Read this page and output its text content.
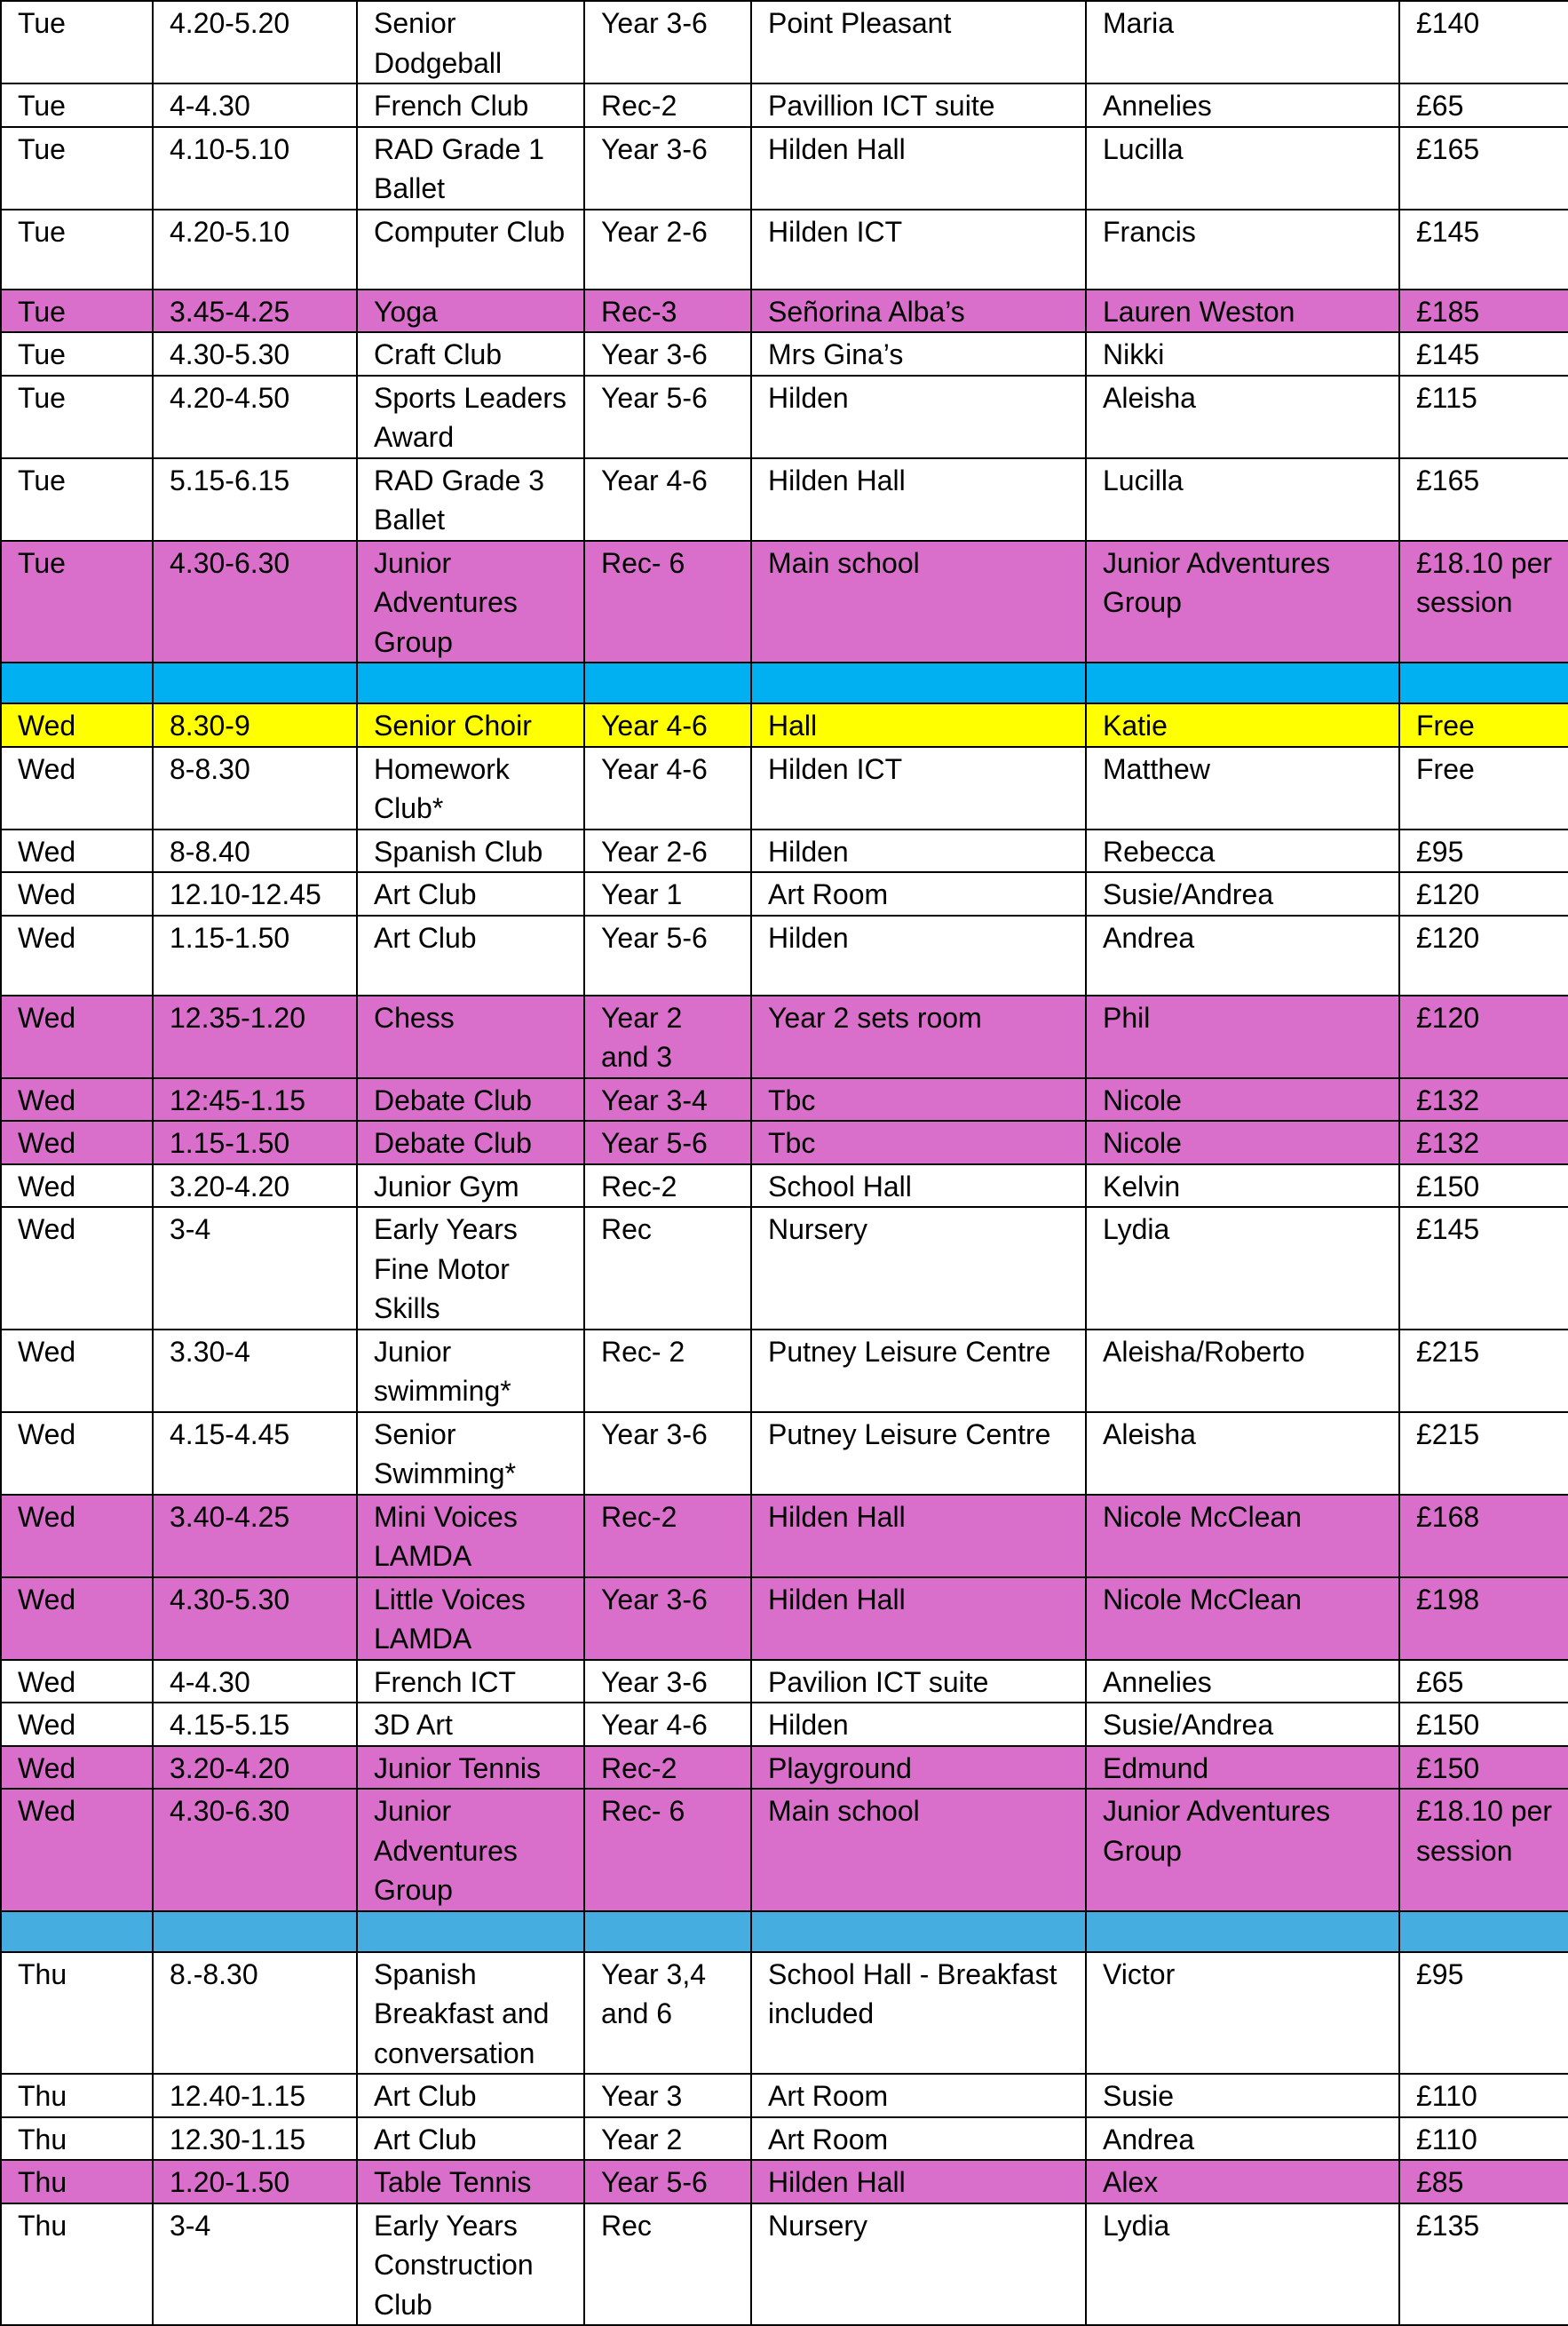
Tue	4.20-5.20	Senior Dodgeball	Year 3-6	Point Pleasant	Maria	£140
Tue	4-4.30	French Club	Rec-2	Pavillion ICT suite	Annelies	£65
Tue	4.10-5.10	RAD Grade 1 Ballet	Year 3-6	Hilden Hall	Lucilla	£165
Tue	4.20-5.10	Computer Club	Year 2-6	Hilden ICT	Francis	£145
Tue	3.45-4.25	Yoga	Rec-3	Señorina Alba’s	Lauren Weston	£185
Tue	4.30-5.30	Craft Club	Year 3-6	Mrs Gina’s	Nikki	£145
Tue	4.20-4.50	Sports Leaders Award	Year 5-6	Hilden	Aleisha	£115
Tue	5.15-6.15	RAD Grade 3 Ballet	Year 4-6	Hilden Hall	Lucilla	£165
Tue	4.30-6.30	Junior Adventures Group	Rec- 6	Main school	Junior Adventures Group	£18.10 per session

Wed	8.30-9	Senior Choir	Year 4-6	Hall	Katie	Free
Wed	8-8.30	Homework Club*	Year 4-6	Hilden ICT	Matthew	Free
Wed	8-8.40	Spanish Club	Year 2-6	Hilden	Rebecca	£95
Wed	12.10-12.45	Art Club	Year 1	Art Room	Susie/Andrea	£120
Wed	1.15-1.50	Art Club	Year 5-6	Hilden	Andrea	£120
Wed	12.35-1.20	Chess	Year 2 and 3	Year 2 sets room	Phil	£120
Wed	12:45-1.15	Debate Club	Year 3-4	Tbc	Nicole	£132
Wed	1.15-1.50	Debate Club	Year 5-6	Tbc	Nicole	£132
Wed	3.20-4.20	Junior Gym	Rec-2	School Hall	Kelvin	£150
Wed	3-4	Early Years Fine Motor Skills	Rec	Nursery	Lydia	£145
Wed	3.30-4	Junior swimming*	Rec- 2	Putney Leisure Centre	Aleisha/Roberto	£215
Wed	4.15-4.45	Senior Swimming*	Year 3-6	Putney Leisure Centre	Aleisha	£215
Wed	3.40-4.25	Mini Voices LAMDA	Rec-2	Hilden Hall	Nicole McClean	£168
Wed	4.30-5.30	Little Voices LAMDA	Year 3-6	Hilden Hall	Nicole McClean	£198
Wed	4-4.30	French ICT	Year 3-6	Pavilion ICT suite	Annelies	£65
Wed	4.15-5.15	3D Art	Year 4-6	Hilden	Susie/Andrea	£150
Wed	3.20-4.20	Junior Tennis	Rec-2	Playground	Edmund	£150
Wed	4.30-6.30	Junior Adventures Group	Rec- 6	Main school	Junior Adventures Group	£18.10 per session

Thu	8.-8.30	Spanish Breakfast and conversation	Year 3,4 and 6	School Hall - Breakfast included	Victor	£95
Thu	12.40-1.15	Art Club	Year 3	Art Room	Susie	£110
Thu	12.30-1.15	Art Club	Year 2	Art Room	Andrea	£110
Thu	1.20-1.50	Table Tennis	Year 5-6	Hilden Hall	Alex	£85
Thu	3-4	Early Years Construction Club	Rec	Nursery	Lydia	£135
